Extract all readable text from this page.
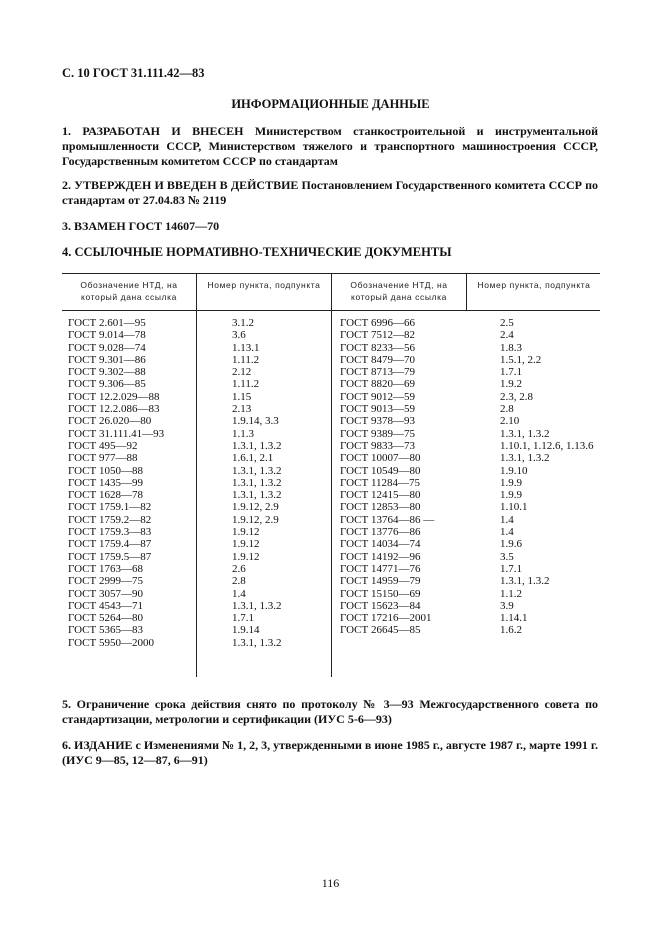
С. 10 ГОСТ 31.111.42—83
ИНФОРМАЦИОННЫЕ ДАННЫЕ
1. РАЗРАБОТАН И ВНЕСЕН Министерством станкостроительной и инструментальной промышленности СССР, Министерством тяжелого и транспортного машиностроения СССР, Государственным комитетом СССР по стандартам
2. УТВЕРЖДЕН И ВВЕДЕН В ДЕЙСТВИЕ Постановлением Государственного комитета СССР по стандартам от 27.04.83 № 2119
3. ВЗАМЕН ГОСТ 14607—70
4. ССЫЛОЧНЫЕ НОРМАТИВНО-ТЕХНИЧЕСКИЕ ДОКУМЕНТЫ
Обозначение НТД, на который дана ссылка
Номер пункта, подпункта	Обозначение НТД, на который дана ссылка
Номер пункта, подпункта
ГОСТ 2.601—95
ГОСТ 9.014—78
ГОСТ 9.028—74
ГОСТ 9.301—86
ГОСТ 9.302—88
ГОСТ 9.306—85
ГОСТ 12.2.029—88
ГОСТ 12.2.086—83
ГОСТ 26.020—80
ГОСТ 31.111.41—93
ГОСТ 495—92
ГОСТ 977—88
ГОСТ 1050—88
ГОСТ 1435—99
ГОСТ 1628—78
ГОСТ 1759.1—82
ГОСТ 1759.2—82
ГОСТ 1759.3—83
ГОСТ 1759.4—87
ГОСТ 1759.5—87
ГОСТ 1763—68
ГОСТ 2999—75
ГОСТ 3057—90
ГОСТ 4543—71
ГОСТ 5264—80
ГОСТ 5365—83
ГОСТ 5950—2000
3.1.2
3.6
1.13.1
1.11.2
2.12
1.11.2
1.15
2.13
1.9.14, 3.3
1.1.3
1.3.1, 1.3.2
1.6.1, 2.1
1.3.1, 1.3.2
1.3.1, 1.3.2
1.3.1, 1.3.2
1.9.12, 2.9
1.9.12, 2.9
1.9.12
1.9.12
1.9.12
2.6
2.8
1.4
1.3.1, 1.3.2
1.7.1
1.9.14
1.3.1, 1.3.2
ГОСТ 6996—66
ГОСТ 7512—82
ГОСТ 8233—56
ГОСТ 8479—70
ГОСТ 8713—79
ГОСТ 8820—69
ГОСТ 9012—59
ГОСТ 9013—59
ГОСТ 9378—93
ГОСТ 9389—75
ГОСТ 9833—73
ГОСТ 10007—80
ГОСТ 10549—80
ГОСТ 11284—75
ГОСТ 12415—80
ГОСТ 12853—80
ГОСТ 13764—86 —
ГОСТ 13776—86
ГОСТ 14034—74
ГОСТ 14192—96
ГОСТ 14771—76
ГОСТ 14959—79
ГОСТ 15150—69
ГОСТ 15623—84
ГОСТ 17216—2001
ГОСТ 26645—85
2.5
2.4
1.8.3
1.5.1, 2.2
1.7.1
1.9.2
2.3, 2.8
2.8
2.10
1.3.1, 1.3.2
1.10.1, 1.12.6, 1.13.6
1.3.1, 1.3.2
1.9.10
1.9.9
1.9.9
1.10.1
1.4
1.4
1.9.6
3.5
1.7.1
1.3.1, 1.3.2
1.1.2
3.9
1.14.1
1.6.2
5. Ограничение срока действия снято по протоколу № 3—93 Межгосударственного совета по стандартизации, метрологии и сертификации (ИУС 5-6—93)
6. ИЗДАНИЕ с Изменениями № 1, 2, 3, утвержденными в июне 1985 г., августе 1987 г., марте 1991 г. (ИУС 9—85, 12—87, 6—91)
116
